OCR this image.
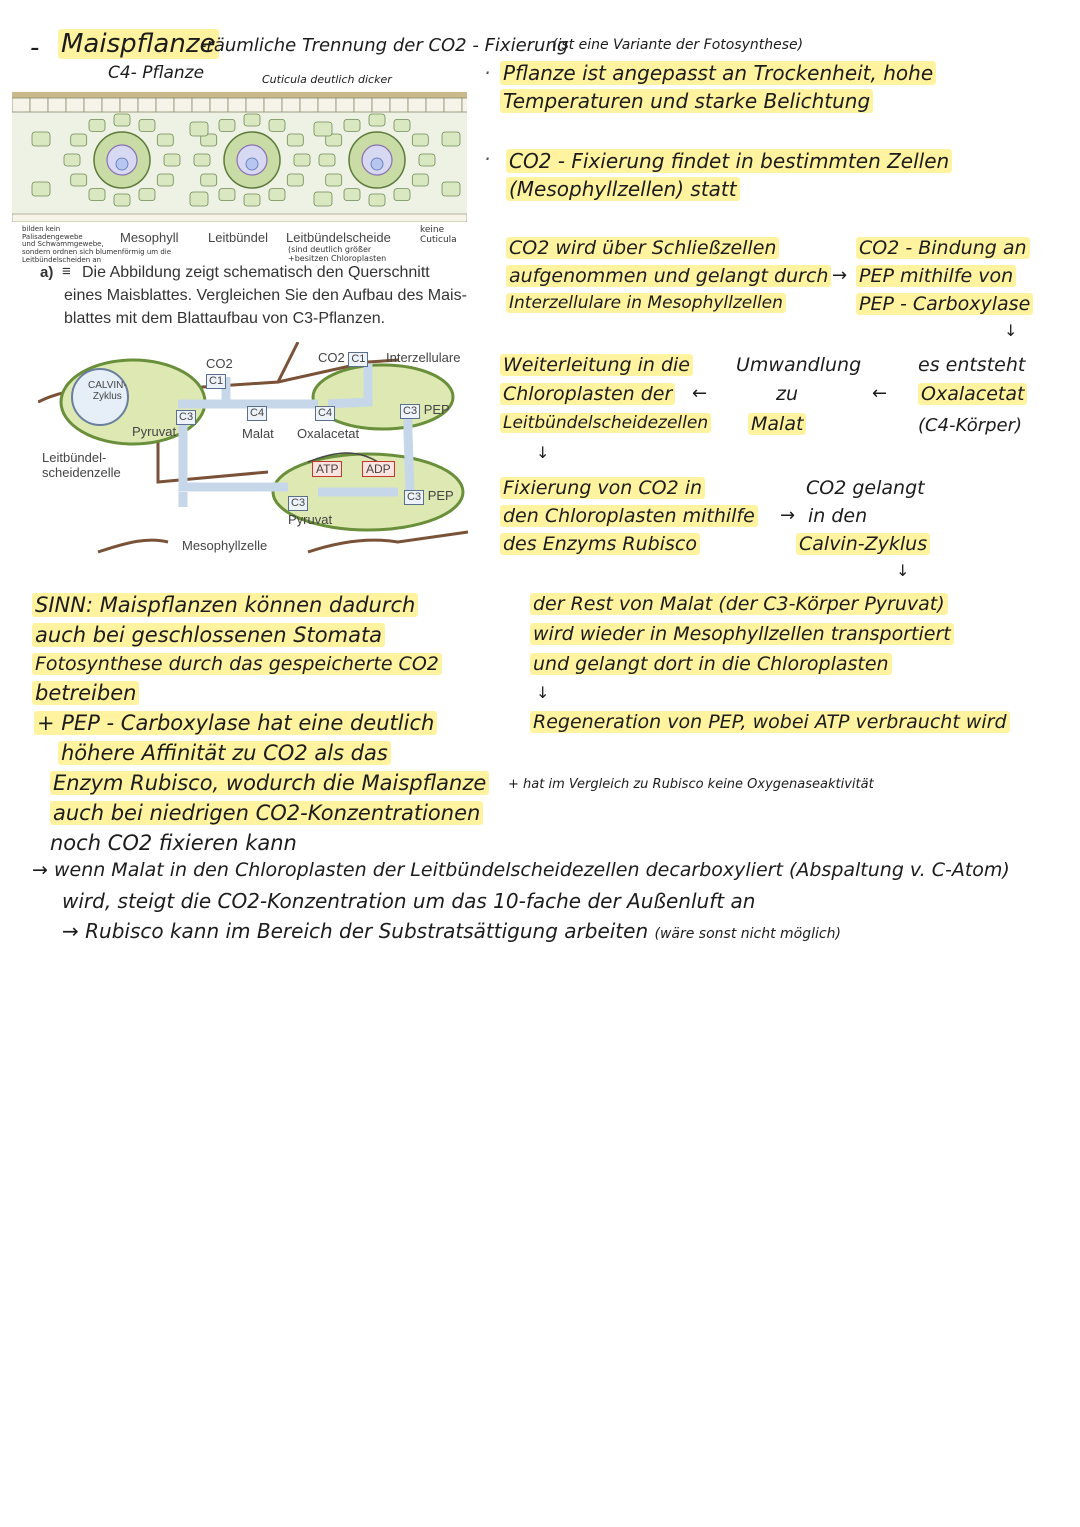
- Maispflanze
-räumliche Trennung der CO2 - Fixierung
(ist eine Variante der Fotosynthese)
C4- Pflanze	Cuticula deutlich dicker
bilden kein
Palisadengewebe
und Schwammgewebe,
sondern ordnen sich blumenförmig um die
Leitbündelscheiden an
Mesophyll Leitbündel Leitbündelscheide
(sind deutlich größer
+besitzen Chloroplasten
keine
Cuticula
a) ≡ Die Abbildung zeigt schematisch den Querschnitt
eines Maisblattes. Vergleichen Sie den Aufbau des Mais-
blattes mit dem Blattaufbau von C3-Pflanzen.
CO2
C1
CO2 C1 Interzellulare
CALVIN-
Zyklus
C3	C4	C4	C3 PEP
Pyruvat	Malat Oxalacetat
ATP	ADP
C3
Pyruvat
C3 PEP
Leitbündel-
scheidenzelle
Mesophyllzelle
· Pflanze ist angepasst an Trockenheit, hohe
Temperaturen und starke Belichtung
· CO2 - Fixierung findet in bestimmten Zellen
(Mesophyllzellen) statt
CO2 wird über Schließzellen
aufgenommen und gelangt durch
Interzellulare in Mesophyllzellen
→
CO2 - Bindung an
PEP mithilfe von
PEP - Carboxylase
↓
es entsteht
Oxalacetat
(C4-Körper)
←
Umwandlung
zu
Malat
←
Weiterleitung in die
Chloroplasten der
Leitbündelscheidezellen
↓
Fixierung von CO2 in
den Chloroplasten mithilfe
des Enzyms Rubisco
→
CO2 gelangt
in den
Calvin-Zyklus
↓
der Rest von Malat (der C3-Körper Pyruvat)
wird wieder in Mesophyllzellen transportiert
und gelangt dort in die Chloroplasten
↓
Regeneration von PEP, wobei ATP verbraucht wird
+ hat im Vergleich zu Rubisco keine Oxygenaseaktivität
SINN: Maispflanzen können dadurch
auch bei geschlossenen Stomata
Fotosynthese durch das gespeicherte CO2
betreiben
+ PEP - Carboxylase hat eine deutlich
höhere Affinität zu CO2 als das
Enzym Rubisco, wodurch die Maispflanze
auch bei niedrigen CO2-Konzentrationen
noch CO2 fixieren kann
→ wenn Malat in den Chloroplasten der Leitbündelscheidezellen decarboxyliert (Abspaltung v. C-Atom)
wird, steigt die CO2-Konzentration um das 10-fache der Außenluft an
→ Rubisco kann im Bereich der Substratsättigung arbeiten (wäre sonst nicht möglich)
